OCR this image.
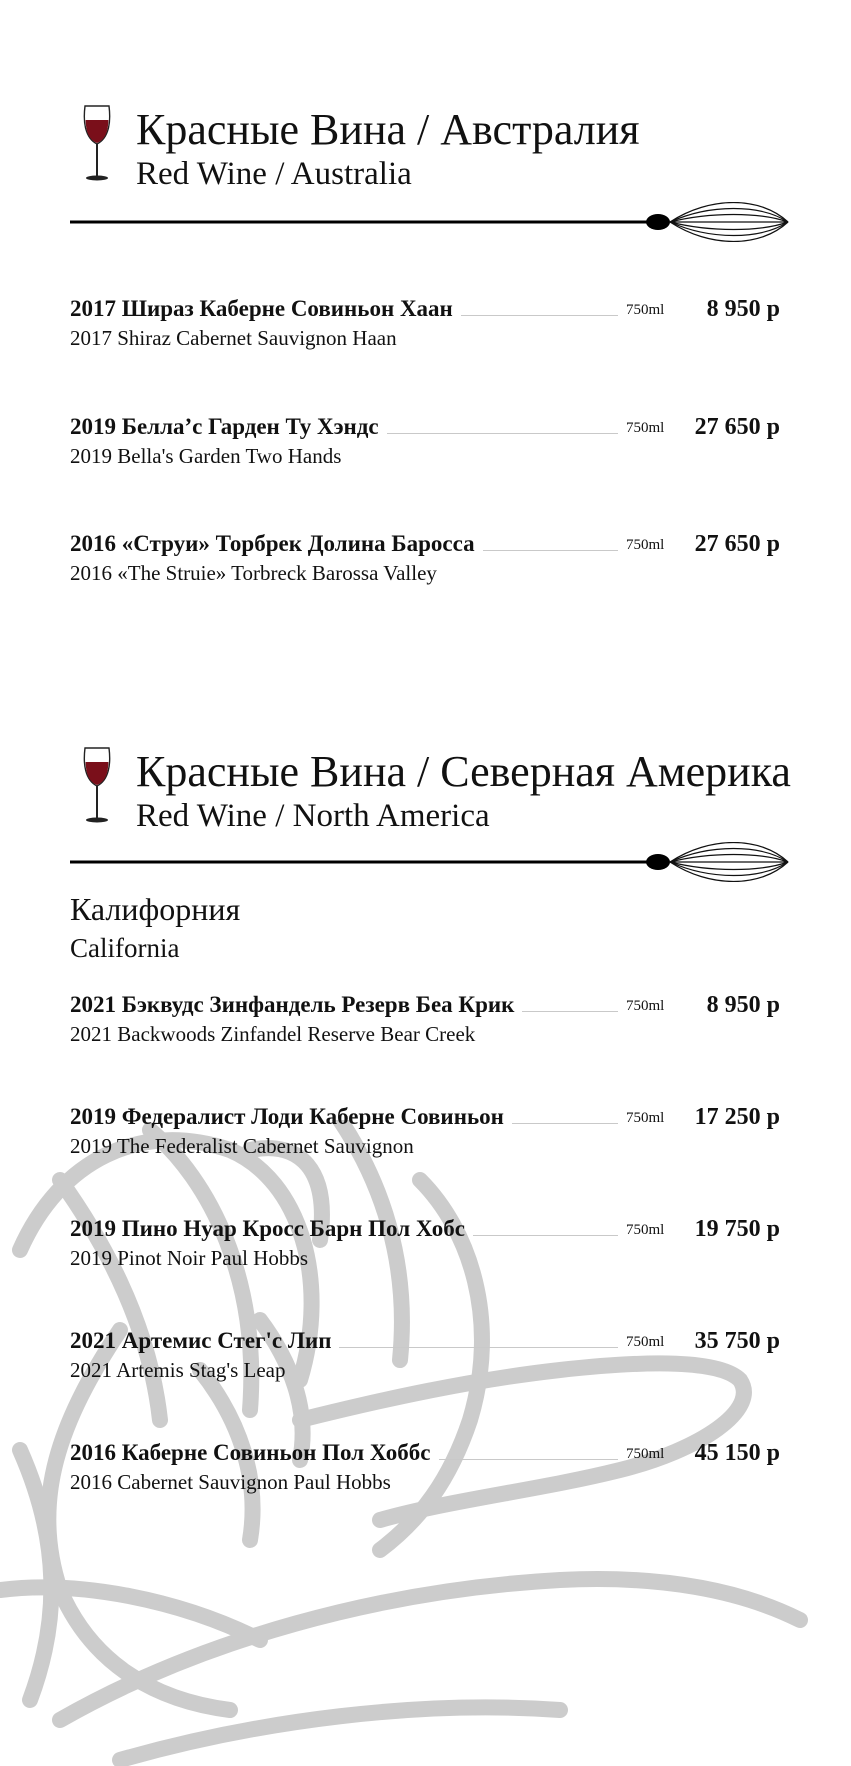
Красные Вина / Австралия
Red Wine / Australia
2017 Шираз Каберне Совиньон Хаан	750ml	8 950 р
2017 Shiraz Cabernet Sauvignon Haan
2019 Белла’с Гарден Ту Хэндс	750ml	27 650 р
2019 Bella's Garden Two Hands
2016 «Струи» Торбрек Долина Баросса	750ml	27 650 р
2016 «The Struie» Torbreck Barossa Valley
Красные Вина / Северная Америка
Red Wine / North America
Калифорния
California
2021 Бэквудс Зинфандель Резерв Беа Крик	750ml	8 950 р
2021 Backwoods Zinfandel Reserve Bear Creek
2019 Федералист Лоди Каберне Совиньон	750ml	17 250 р
2019 The Federalist Cabernet Sauvignon
2019 Пино Нуар Кросс Барн Пол Хобс	750ml	19 750 р
2019 Pinot Noir Paul Hobbs
2021 Артемис Стег'с Лип	750ml	35 750 р
2021 Artemis Stag's Leap
2016 Каберне Совиньон Пол Хоббс	750ml	45 150 р
2016 Cabernet Sauvignon Paul Hobbs
